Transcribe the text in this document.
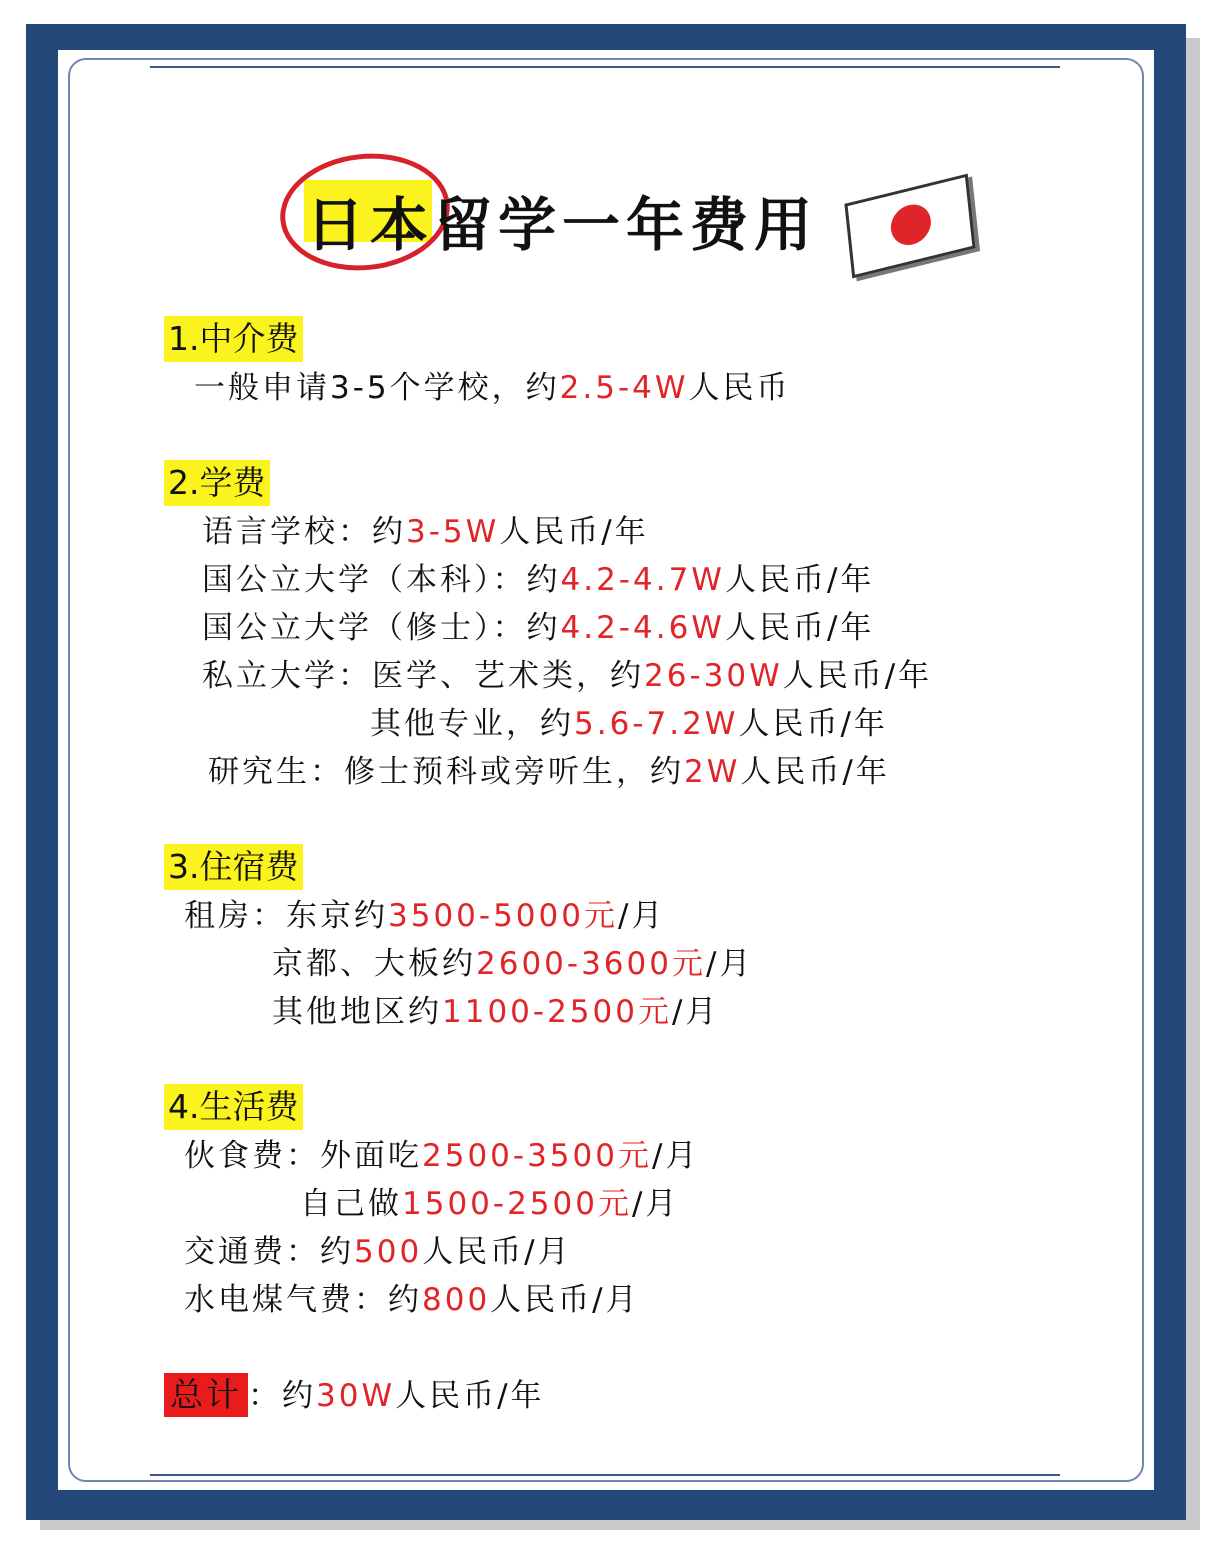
日本留学一年费用
1.中介费
一般申请3-5个学校，约2.5-4W人民币
2.学费
语言学校：约3-5W人民币/年
国公立大学（本科）：约4.2-4.7W人民币/年
国公立大学（修士）：约4.2-4.6W人民币/年
私立大学：医学、艺术类，约26-30W人民币/年
其他专业，约5.6-7.2W人民币/年
研究生：修士预科或旁听生，约2W人民币/年
3.住宿费
租房：东京约3500-5000元/月
京都、大板约2600-3600元/月
其他地区约1100-2500元/月
4.生活费
伙食费：外面吃2500-3500元/月
自己做1500-2500元/月
交通费：约500人民币/月
水电煤气费：约800人民币/月
总计 ：约30W人民币/年
